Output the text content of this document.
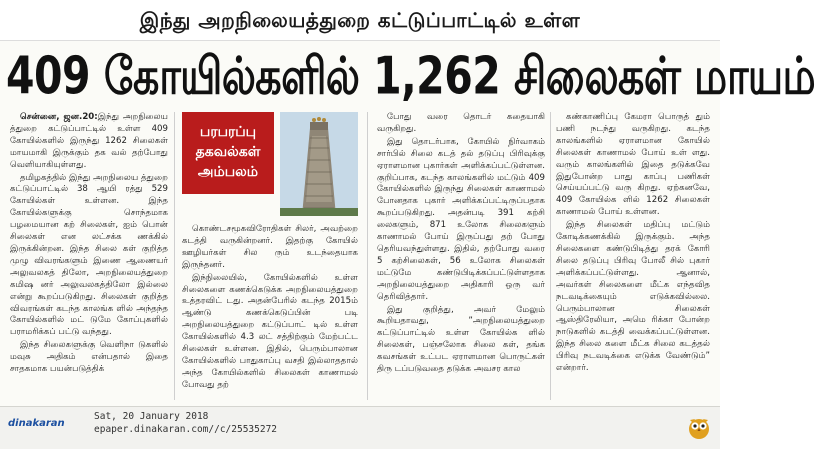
இந்து அறநிலையத்துறை கட்டுப்பாட்டில் உள்ள
409 கோயில்களில் 1,262 சிலைகள் மாயம்

சென்னை, ஜன.20:இந்து அறநிலைய த்துறை கட்டுப்பாட்டில் உள்ள 409 கோயில்களில் இருந்து 1262 சிலைகள் மாயமாகி இருக்கும் தக வல் தற்போது வெளியாகியுள்ளது.

தமிழகத்தில் இந்து அறநிலைய த்துறை கட்டுப்பாட்டில் 38 ஆயி ரத்து 529 கோயில்கள் உள்ளன. இந்த கோயில்களுக்கு சொந்தமாக பழமையான கற் சிலைகள், ஐம் பொன் சிலைகள் என லட்சக்க ணக்கில் இருக்கின்றன. இந்த சிலை கள் குறித்த முழு விவரங்களும் இணை ஆணையர் அலுவலகத் திலோ, அறநிலையத்துறை கமிஷ னர் அலுவலகத்திலோ இல்லை என்று கூறப்படுகிறது. சிலைகள் குறித்த விவரங்கள் கடந்த காலங்க ளில் அந்தந்த கோயில்களில் மட் டுமே கோப்புகளில் பராமரிக்கப் பட்டு வந்தது.

இந்த சிலைகளுக்கு வெளிநா டுகளில் மவுசு அதிகம் என்பதால் இதை சாதகமாக பயன்படுத்திக்

பரபரப்பு
தகவல்கள்
அம்பலம்

கொண்டசமூகவிரோதிகள் சிலர், அவற்றை கடத்தி வருகின்றனர். இதற்கு கோயில் ஊழியர்கள் சில ரும் உடந்தையாக இருந்தனர்.

இந்நிலையில், கோயில்களில் உள்ள சிலைகளை கணக்கெடுக்க அறநிலையத்துறை உத்தரவிட் டது. அதன்பேரில் கடந்த 2015ம் ஆண்டு கணக்கெடுப்பின் படி அறநிலையத்துறை கட்டுப்பாட் டில் உள்ள கோயில்களில் 4.3 லட் சத்திற்கும் மேற்பட்ட சிலைகள் உள்ளன. இதில், பெரும்பாலான கோயில்களில் பாதுகாப்பு வசதி இல்லாததால் அந்த கோயில்களில் சிலைகள் காணாமல் போவது தற்

போது வரை தொடர் கதையாகி வருகிறது.

இது தொடர்பாக, கோயில் நிர்வாகம் சார்பில் சிலை கடத் தல் தடுப்பு பிரிவுக்கு ஏராளமான புகார்கள் அளிக்கப்பட்டுள்ளன. குறிப்பாக, கடந்த காலங்களில் மட்டும் 409 கோயில்களில் இருந்து சிலைகள் காணாமல் போனதாக புகார் அளிக்கப்பட்டிருப்பதாக கூறப்படுகிறது. அதன்படி 391 கற்சி லைகளும், 871 உலோக சிலைகளும் காணாமல் போய் இருப்பது தற் போது தெரியவந்துள்ளது. இதில், தற்போது வரை 5 கற்சிலைகள், 56 உலோக சிலைகள் மட்டுமே கண்டுபிடிக்கப்பட்டுள்ளதாக அறநிலையத்துறை அதிகாரி ஒரு வர் தெரிவித்தார்.

இது குறித்து, அவர் மேலும் கூறியதாவது, ”அறநிலையத்துறை கட்டுப்பாட்டில் உள்ள கோயில்க ளில் சிலைகள், பஞ்சலோக சிலை கள், தங்க கவசங்கள் உட்பட ஏராளமான பொருட்கள் திரு டப்படுவதை தடுக்க அவசர கால

கண்காணிப்பு கேமரா பொருத் தும் பணி நடந்து வருகிறது. கடந்த காலங்களில் ஏராளமான கோயில் சிலைகள் காணாமல் போய் உள் ளது. வரும் காலங்களில் இதை தடுக்கவே இதுபோன்ற பாது காப்பு பணிகள் செய்யப்பட்டு வரு கிறது. ஏற்கனவே, 409 கோயில்க ளில் 1262 சிலைகள் காணாமல் போய் உள்ளன.

இந்த சிலைகள் மதிப்பு மட்டும் கோடிக்கணக்கில் இருக்கும். அந்த சிலைகளை கண்டுபிடித்து தரக் கோரி சிலை தடுப்பு பிரிவு போலீ சில் புகார் அளிக்கப்பட்டுள்ளது. ஆனால், அவர்கள் சிலைகளை மீட்க எந்தவித நடவடிக்கையும் எடுக்கவில்லை. பெரும்பாலான சிலைகள் ஆஸ்திரேலியா, அமெ ரிக்கா போன்ற நாடுகளில் கடத்தி வைக்கப்பட்டுள்ளன. இந்த சிலை களை மீட்க சிலை கடத்தல் பிரிவு நடவடிக்கை எடுக்க வேண்டும்” என்றார்.

dinakaran
Sat, 20 January 2018
epaper.dinakaran.com//c/25535272
